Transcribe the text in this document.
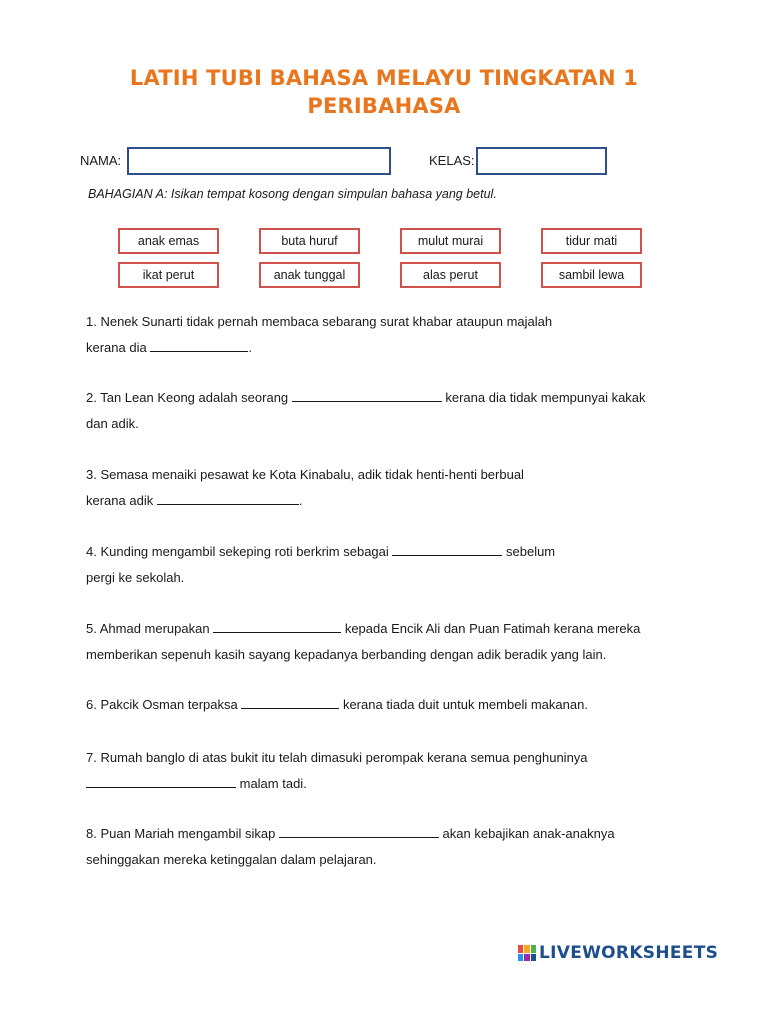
LATIH TUBI BAHASA MELAYU TINGKATAN 1
PERIBAHASA
NAMA:	KELAS:
BAHAGIAN A: Isikan tempat kosong dengan simpulan bahasa yang betul.
anak emas	buta huruf	mulut murai	tidur mati
ikat perut	anak tunggal	alas perut	sambil lewa
1. Nenek Sunarti tidak pernah membaca sebarang surat khabar ataupun majalah
kerana dia	.
2. Tan Lean Keong adalah seorang	kerana dia tidak mempunyai kakak
dan adik.
3. Semasa menaiki pesawat ke Kota Kinabalu, adik tidak henti-henti berbual
kerana adik	.
4. Kunding mengambil sekeping roti berkrim sebagai	sebelum
pergi ke sekolah.
5. Ahmad merupakan	kepada Encik Ali dan Puan Fatimah kerana mereka
memberikan sepenuh kasih sayang kepadanya berbanding dengan adik beradik yang lain.
6. Pakcik Osman terpaksa	kerana tiada duit untuk membeli makanan.
7. Rumah banglo di atas bukit itu telah dimasuki perompak kerana semua penghuninya
malam tadi.
8. Puan Mariah mengambil sikap	akan kebajikan anak-anaknya
sehinggakan mereka ketinggalan dalam pelajaran.
LIVEWORKSHEETS
